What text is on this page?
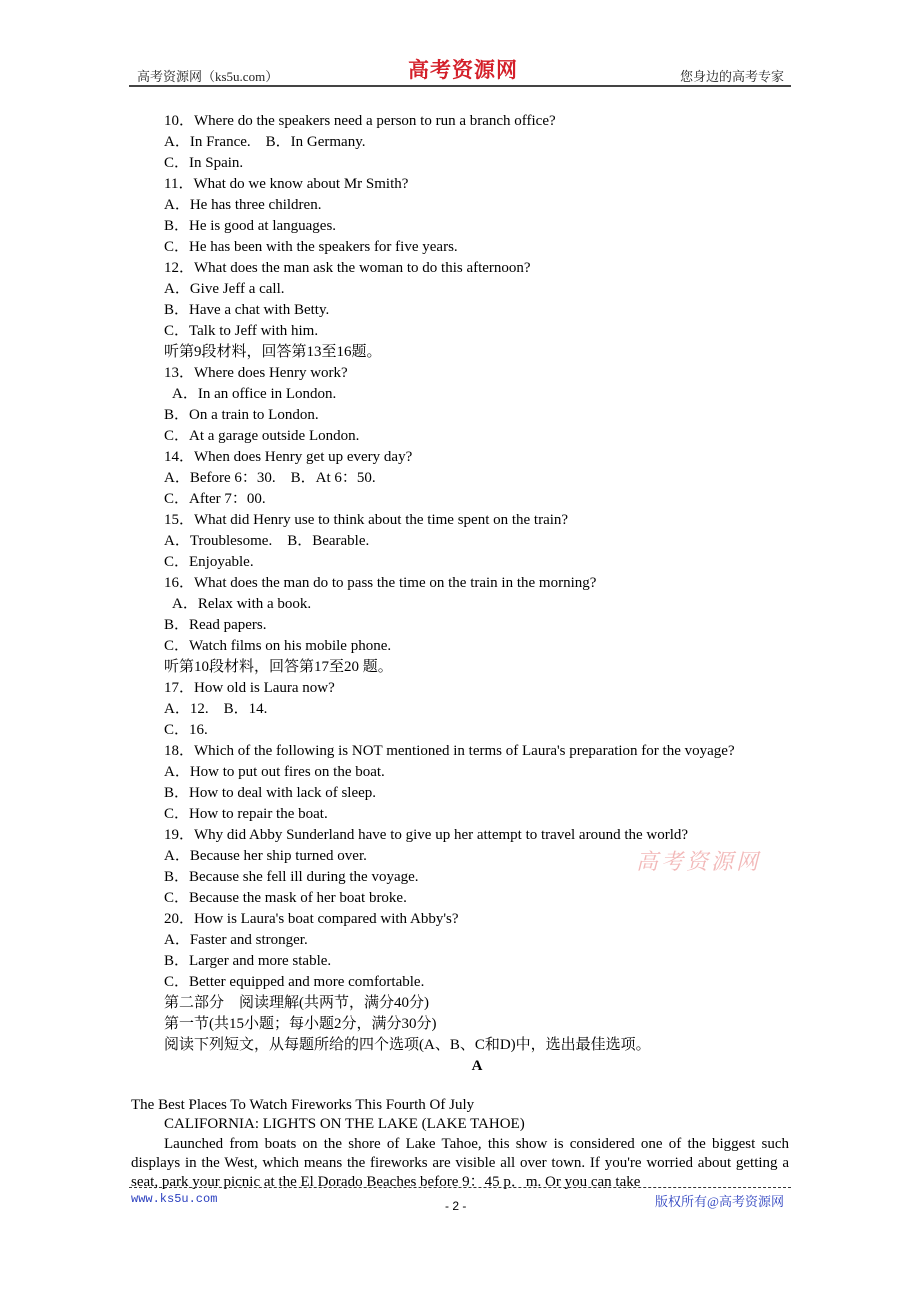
高考资源网（ks5u.com）	高考资源网	您身边的高考专家
10．Where do the speakers need a person to run a branch office?
A．In France.　B．In Germany.
C．In Spain.
11．What do we know about Mr Smith?
A．He has three children.
B．He is good at languages.
C．He has been with the speakers for five years.
12．What does the man ask the woman to do this afternoon?
A．Give Jeff a call.
B．Have a chat with Betty.
C．Talk to Jeff with him.
听第9段材料，回答第13至16题。
13．Where does Henry work?
A．In an office in London.
B．On a train to London.
C．At a garage outside London.
14．When does Henry get up every day?
A．Before 6：30.　B．At 6：50.
C．After 7：00.
15．What did Henry use to think about the time spent on the train?
A．Troublesome.　B．Bearable.
C．Enjoyable.
16．What does the man do to pass the time on the train in the morning?
A．Relax with a book.
B．Read papers.
C．Watch films on his mobile phone.
听第10段材料，回答第17至20 题。
17．How old is Laura now?
A．12.　B．14.
C．16.
18．Which of the following is NOT mentioned in terms of Laura's preparation for the voyage?
A．How to put out fires on the boat.
B．How to deal with lack of sleep.
C．How to repair the boat.
19．Why did Abby Sunderland have to give up her attempt to travel around the world?
A．Because her ship turned over.
B．Because she fell ill during the voyage.
C．Because the mask of her boat broke.
20．How is Laura's boat compared with Abby's?
A．Faster and stronger.
B．Larger and more stable.
C．Better equipped and more comfortable.
第二部分　阅读理解(共两节，满分40分)
第一节(共15小题；每小题2分，满分30分)
阅读下列短文，从每题所给的四个选项(A、B、C和D)中，选出最佳选项。
A
The Best Places To Watch Fireworks This Fourth Of July
CALIFORNIA: LIGHTS ON THE LAKE (LAKE TAHOE)
Launched from boats on the shore of Lake Tahoe, this show is considered one of the biggest such displays in the West, which means the fireworks are visible all over town. If you're worried about getting a seat, park your picnic at the El Dorado Beaches before 9：45 p．m. Or you can take
高考资源网
www.ks5u.com	- 2 -	版权所有@高考资源网
